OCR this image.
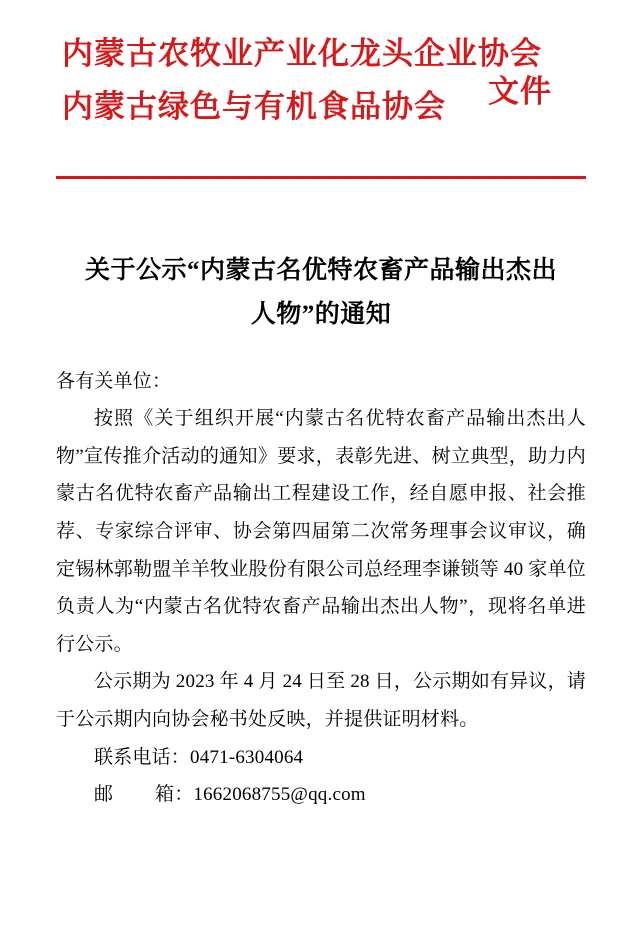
内蒙古农牧业产业化龙头企业协会
内蒙古绿色与有机食品协会	文件
关于公示“内蒙古名优特农畜产品输出杰出
人物”的通知

各有关单位：

按照《关于组织开展“内蒙古名优特农畜产品输出杰出人物”宣传推介活动的通知》要求，表彰先进、树立典型，助力内蒙古名优特农畜产品输出工程建设工作，经自愿申报、社会推荐、专家综合评审、协会第四届第二次常务理事会议审议，确定锡林郭勒盟羊羊牧业股份有限公司总经理李谦锁等 40 家单位负责人为“内蒙古名优特农畜产品输出杰出人物”，现将名单进行公示。

公示期为 2023 年 4 月 24 日至 28 日，公示期如有异议，请于公示期内向协会秘书处反映，并提供证明材料。

联系电话：0471-6304064

邮 箱：1662068755@qq.com
